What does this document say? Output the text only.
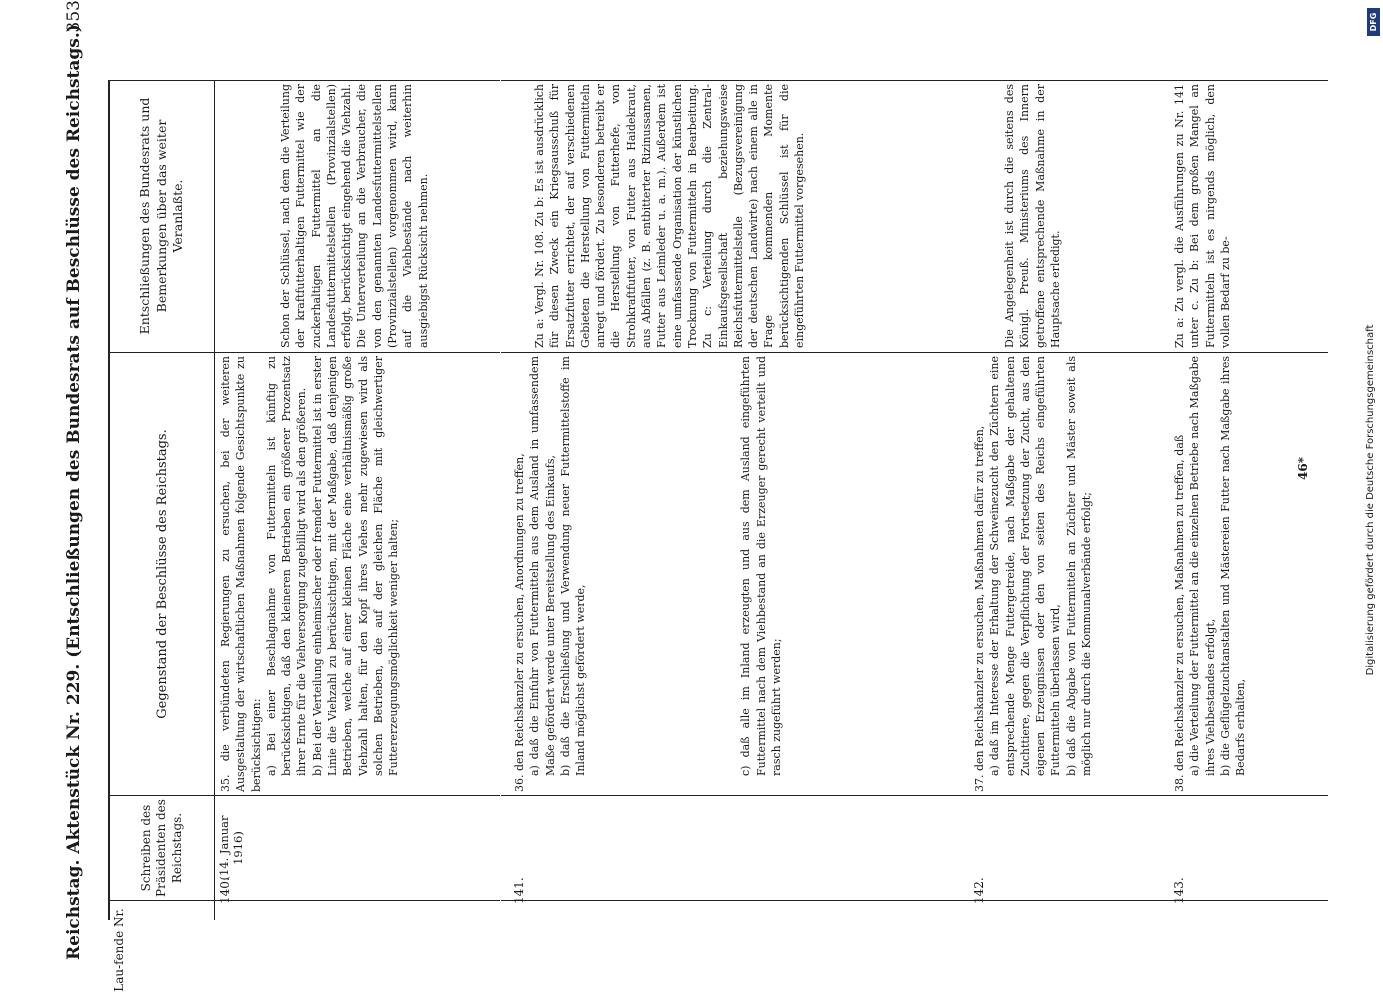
Reichstag. Aktenstück Nr. 229. (Entschließungen des Bundesrats auf Beschlüsse des Reichstags.)
353
Lau-fende Nr.
Schreiben des Präsidenten des Reichstags.
Gegenstand der Beschlüsse des Reichstags.
Entschließungen des Bundesrats und Bemerkungen über das weiter Veranlaßte.
140.
(14. Januar 1916)

35. die verbündeten Regierungen zu ersuchen, bei der weiteren Ausgestaltung der wirtschaftlichen Maßnahmen folgende Gesichtspunkte zu berücksichtigen: a) Bei einer Beschlagnahme von Futtermitteln ist künftig zu berücksichtigen, daß den kleineren Betrieben ein größerer Prozentsatz ihrer Ernte für die Viehversorgung zugebilligt wird als den größeren. b) Bei der Verteilung einheimischer oder fremder Futtermittel ist in erster Linie die Viehzahl zu berücksichtigen, mit der Maßgabe, daß denjenigen Betrieben, welche auf einer kleinen Fläche eine verhältnismäßig große Viehzahl halten, für den Kopf ihres Viehes mehr zugewiesen wird als solchen Betrieben, die auf der gleichen Fläche mit gleichwertiger Futtererzeugungsmöglichkeit weniger halten;

Schon der Schlüssel, nach dem die Verteilung der kraftfutterhaltigen Futtermittel wie der zuckerhaltigen Futtermittel an die Landesfuttermittelstellen (Provinzialstellen) erfolgt, berücksichtigt eingehend die Viehzahl. Die Unterverteilung an die Verbraucher, die von den genannten Landesfuttermittelstellen (Provinzialstellen) vorgenommen wird, kann auf die Viehbestände nach weiterhin ausgiebigst Rücksicht nehmen.
141.

36. den Reichskanzler zu ersuchen, Anordnungen zu treffen, a) daß die Einfuhr von Futtermitteln aus dem Ausland in umfassendem Maße gefördert werde unter Bereitstellung des Einkaufs, b) daß die Erschließung und Verwendung neuer Futtermittelstoffe im Inland möglichst gefördert werde,	c) daß alle im Inland erzeugten und aus dem Ausland eingeführten Futtermittel nach dem Viehbestand an die Erzeuger gerecht verteilt und rasch zugeführt werden;

Zu a: Vergl. Nr. 108. Zu b: Es ist ausdrücklich für diesen Zweck ein Kriegsausschuß für Ersatzfutter errichtet, der auf verschiedenen Gebieten die Herstellung von Futtermitteln anregt und fördert. Zu besonderen betreibt er die Herstellung von Futterhefe, von Strohkraftfutter, von Futter aus Haidekraut, aus Abfällen (z. B. entbitterter Rizinussamen, Futter aus Leimleder u. a. m.). Außerdem ist eine umfassende Organisation der künstlichen Trocknung von Futtermitteln in Bearbeitung. Zu c: Verteilung durch die Zentral-Einkaufsgesellschaft beziehungsweise Reichsfuttermittelstelle (Bezugsvereinigung der deutschen Landwirte) nach einem alle in Frage kommenden Momente berücksichtigenden Schlüssel ist für die eingeführten Futtermittel vorgesehen.
142.

37. den Reichskanzler zu ersuchen, Maßnahmen dafür zu treffen, a) daß im Interesse der Erhaltung der Schweinezucht den Züchtern eine entsprechende Menge Futtergetreide, nach Maßgabe der gehaltenen Zuchttiere, gegen die Verpflichtung der Fortsetzung der Zucht, aus den eigenen Erzeugnissen oder den von seiten des Reichs eingeführten Futtermitteln überlassen wird, b) daß die Abgabe von Futtermitteln an Züchter und Mäster soweit als möglich nur durch die Kommunalverbände erfolgt;

Die Angelegenheit ist durch die seitens des Königl. Preuß. Ministeriums des Innern getroffene entsprechende Maßnahme in der Hauptsache erledigt.
143.

38. den Reichskanzler zu ersuchen, Maßnahmen zu treffen, daß a) die Verteilung der Futtermittel an die einzelnen Betriebe nach Maßgabe ihres Viehbestandes erfolgt, b) die Geflügelzuchtanstalten und Mästereien Futter nach Maßgabe ihres Bedarfs erhalten,

Zu a: Zu vergl. die Ausführungen zu Nr. 141 unter c. Zu b: Bei dem großen Mangel an Futtermitteln ist es nirgends möglich, den vollen Bedarf zu be-
46*	Digitalisierung gefördert durch die Deutsche Forschungsgemeinschaft
DFG
